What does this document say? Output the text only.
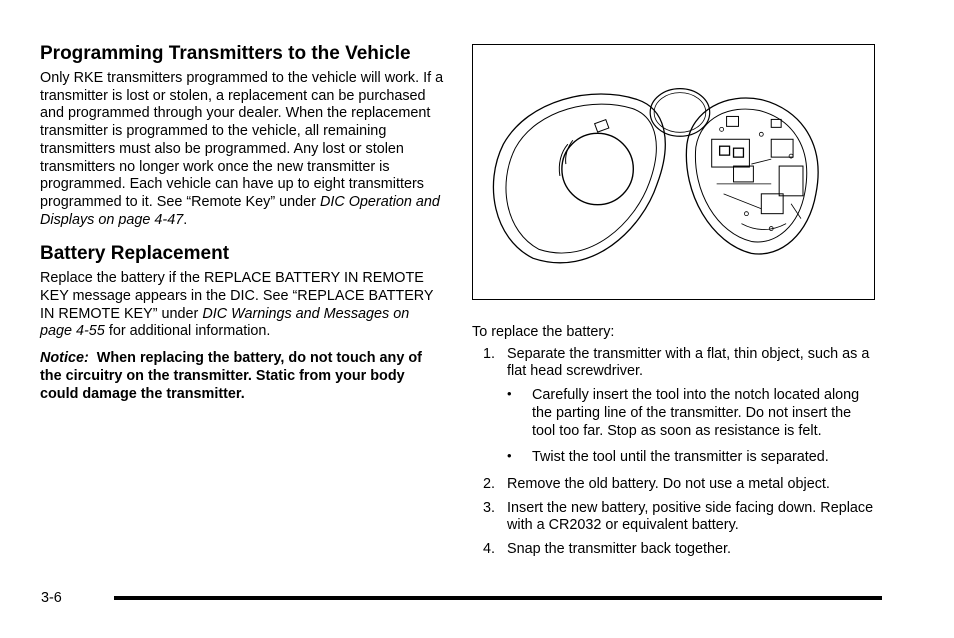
Programming Transmitters to the Vehicle

Only RKE transmitters programmed to the vehicle will work. If a transmitter is lost or stolen, a replacement can be purchased and programmed through your dealer. When the replacement transmitter is programmed to the vehicle, all remaining transmitters must also be programmed. Any lost or stolen transmitters no longer work once the new transmitter is programmed. Each vehicle can have up to eight transmitters programmed to it. See “Remote Key” under DIC Operation and Displays on page 4-47.

Battery Replacement

Replace the battery if the REPLACE BATTERY IN REMOTE KEY message appears in the DIC. See “REPLACE BATTERY IN REMOTE KEY” under DIC Warnings and Messages on page 4-55 for additional information.

Notice: When replacing the battery, do not touch any of the circuitry on the transmitter. Static from your body could damage the transmitter.

To replace the battery:

1. Separate the transmitter with a flat, thin object, such as a flat head screwdriver.
• Carefully insert the tool into the notch located along the parting line of the transmitter. Do not insert the tool too far. Stop as soon as resistance is felt.
• Twist the tool until the transmitter is separated.
2. Remove the old battery. Do not use a metal object.
3. Insert the new battery, positive side facing down. Replace with a CR2032 or equivalent battery.
4. Snap the transmitter back together.
3-6
